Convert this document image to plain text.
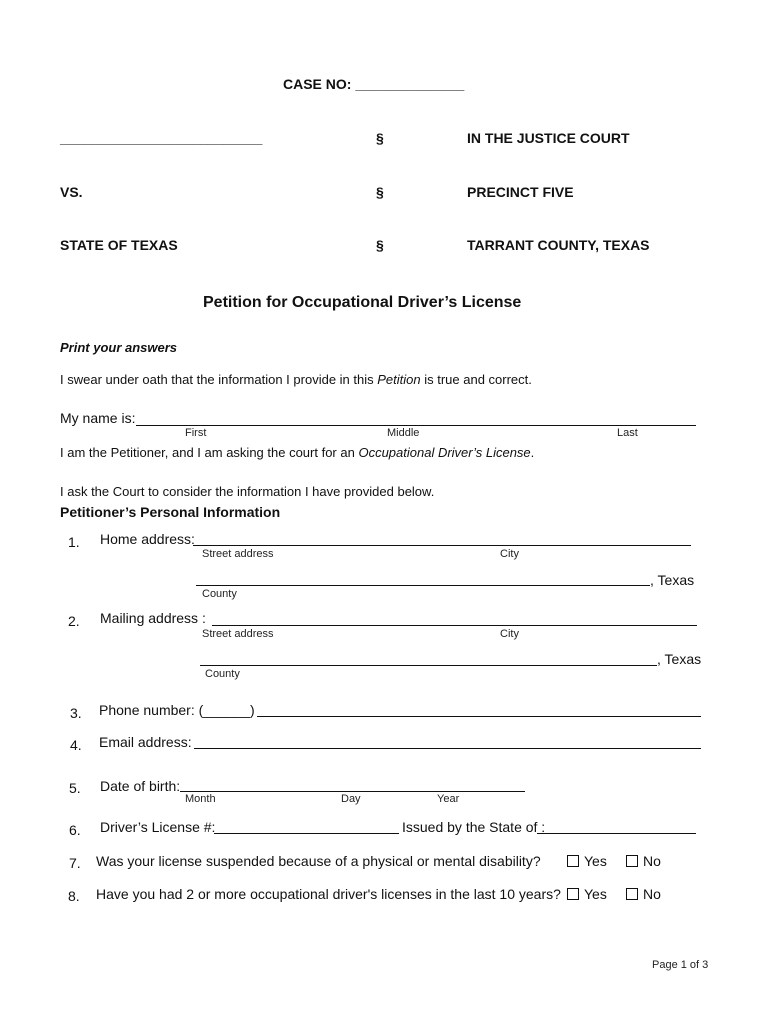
CASE NO: ______________
__________________________	§	IN THE JUSTICE COURT
VS.	§	PRECINCT FIVE
STATE OF TEXAS	§	TARRANT COUNTY, TEXAS
Petition for Occupational Driver’s License
Print your answers
I swear under oath that the information I provide in this Petition is true and correct.
My name is:
First	Middle	Last
I am the Petitioner, and I am asking the court for an Occupational Driver’s License.
I ask the Court to consider the information I have provided below.
Petitioner’s Personal Information
1. Home address:
Street address	City
, Texas
County
2. Mailing address :
Street address	City
, Texas
County
3. Phone number: (______)
4. Email address:
5. Date of birth:
Month	Day	Year
6. Driver’s License #:	Issued by the State of :
7. Was your license suspended because of a physical or mental disability?	Yes	No
8. Have you had 2 or more occupational driver's licenses in the last 10 years?	Yes	No
Page 1 of 3
